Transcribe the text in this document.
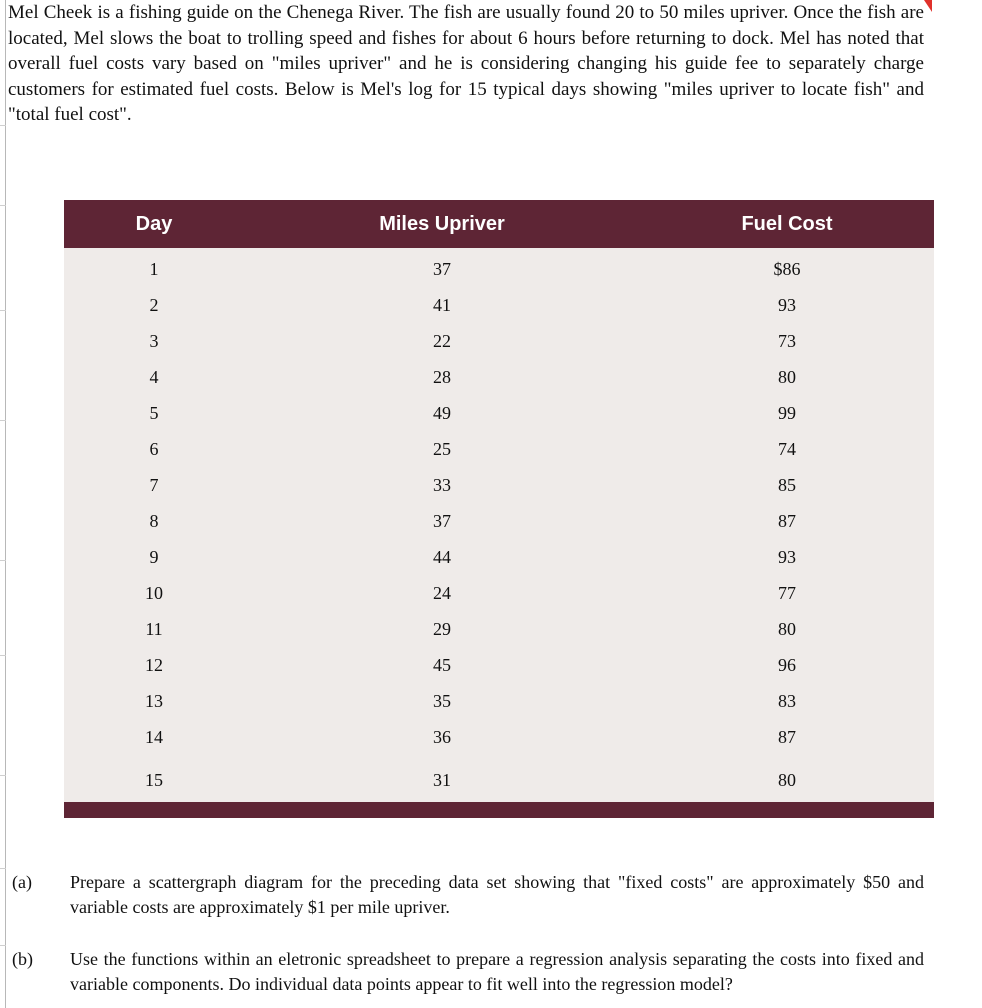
Mel Cheek is a fishing guide on the Chenega River. The fish are usually found 20 to 50 miles upriver. Once the fish are located, Mel slows the boat to trolling speed and fishes for about 6 hours before returning to dock. Mel has noted that overall fuel costs vary based on "miles upriver" and he is considering changing his guide fee to separately charge customers for estimated fuel costs. Below is Mel's log for 15 typical days showing "miles upriver to locate fish" and "total fuel cost".
Day	Miles Upriver	Fuel Cost
1	37	$86
2	41	93
3	22	73
4	28	80
5	49	99
6	25	74
7	33	85
8	37	87
9	44	93
10	24	77
11	29	80
12	45	96
13	35	83
14	36	87
15	31	80
(a) Prepare a scattergraph diagram for the preceding data set showing that "fixed costs" are approximately $50 and variable costs are approximately $1 per mile upriver.
(b) Use the functions within an eletronic spreadsheet to prepare a regression analysis separating the costs into fixed and variable components. Do individual data points appear to fit well into the regression model?
